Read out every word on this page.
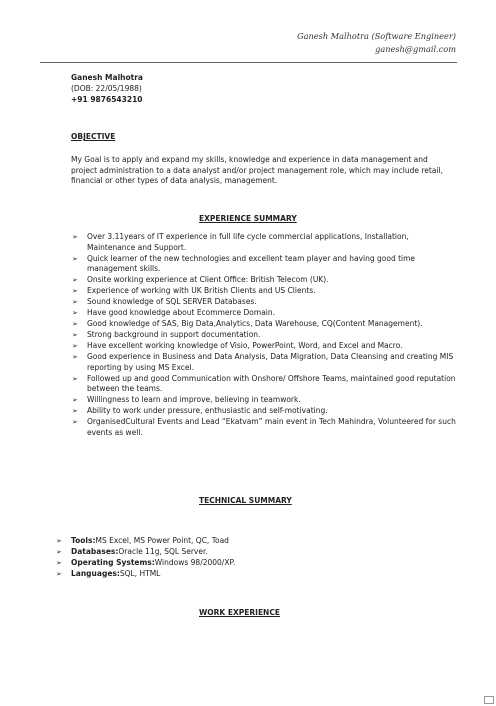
Ganesh Malhotra (Software Engineer)
ganesh@gmail.com
Ganesh Malhotra
(DOB: 22/05/1988)
+91 9876543210
OBJECTIVE
My Goal is to apply and expand my skills, knowledge and experience in data management and project administration to a data analyst and/or project management role, which may include retail, financial or other types of data analysis, management.
EXPERIENCE SUMMARY
➢ Over 3.11years of IT experience in full life cycle commercial applications, Installation, Maintenance and Support.
➢ Quick learner of the new technologies and excellent team player and having good time management skills.
➢ Onsite working experience at Client Office: British Telecom (UK).
➢ Experience of working with UK British Clients and US Clients.
➢ Sound knowledge of SQL SERVER Databases.
➢ Have good knowledge about Ecommerce Domain.
➢ Good knowledge of SAS, Big Data,Analytics, Data Warehouse, CQ(Content Management).
➢ Strong background in support documentation.
➢ Have excellent working knowledge of Visio, PowerPoint, Word, and Excel and Macro.
➢ Good experience in Business and Data Analysis, Data Migration, Data Cleansing and creating MIS reporting by using MS Excel.
➢ Followed up and good Communication with Onshore/ Offshore Teams, maintained good reputation between the teams.
➢ Willingness to learn and improve, believing in teamwork.
➢ Ability to work under pressure, enthusiastic and self-motivating.
➢ OrganisedCultural Events and Lead “Ekatvam” main event in Tech Mahindra, Volunteered for such events as well.
TECHNICAL SUMMARY
➢ Tools:MS Excel, MS Power Point, QC, Toad
➢ Databases:Oracle 11g, SQL Server.
➢ Operating Systems:Windows 98/2000/XP.
➢ Languages:SQL, HTML
WORK EXPERIENCE
